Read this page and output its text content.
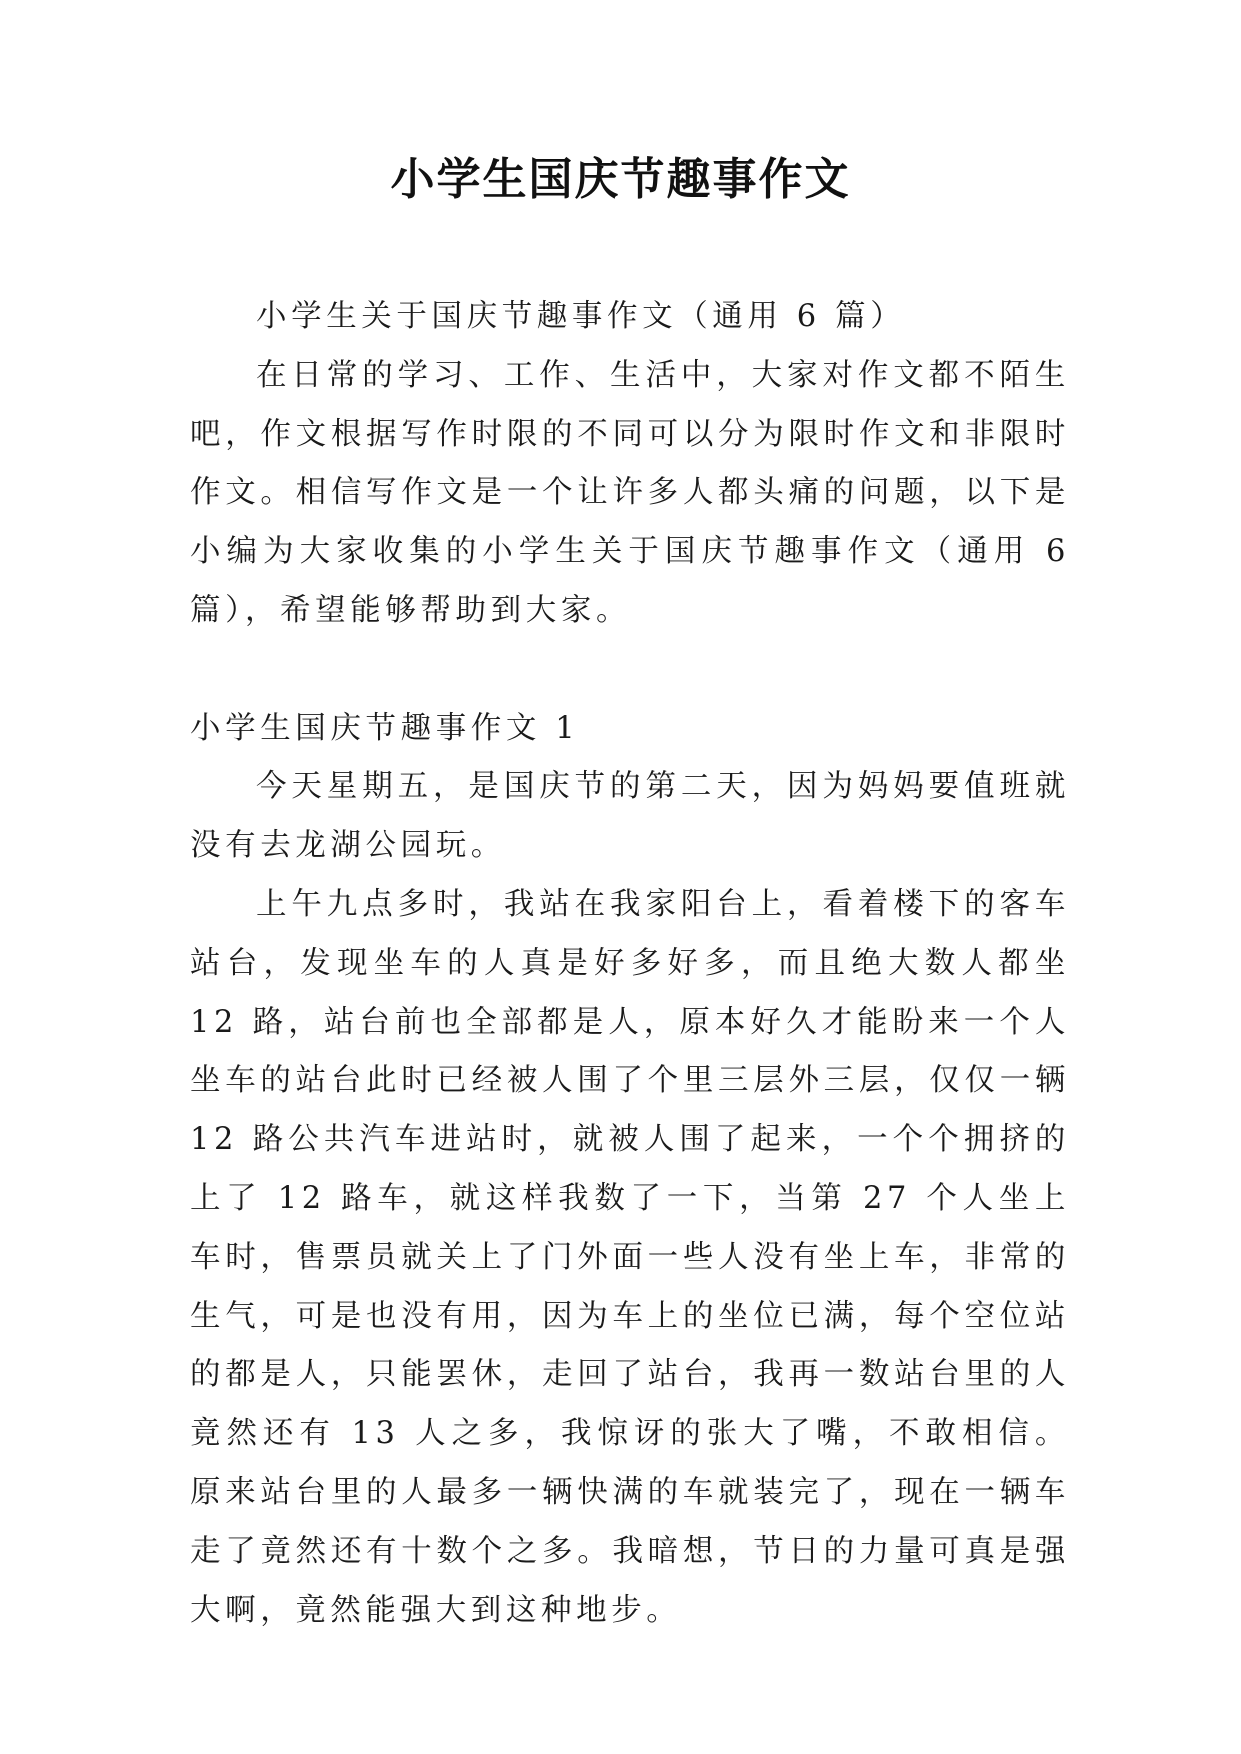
小学生国庆节趣事作文

小学生关于国庆节趣事作文（通用 6 篇）

在日常的学习、工作、生活中，大家对作文都不陌生吧，作文根据写作时限的不同可以分为限时作文和非限时作文。相信写作文是一个让许多人都头痛的问题，以下是小编为大家收集的小学生关于国庆节趣事作文（通用 6 篇），希望能够帮助到大家。

小学生国庆节趣事作文 1

今天星期五，是国庆节的第二天，因为妈妈要值班就没有去龙湖公园玩。

上午九点多时，我站在我家阳台上，看着楼下的客车站台，发现坐车的人真是好多好多，而且绝大数人都坐 12 路，站台前也全部都是人，原本好久才能盼来一个人坐车的站台此时已经被人围了个里三层外三层，仅仅一辆 12 路公共汽车进站时，就被人围了起来，一个个拥挤的上了 12 路车，就这样我数了一下，当第 27 个人坐上车时，售票员就关上了门外面一些人没有坐上车，非常的生气，可是也没有用，因为车上的坐位已满，每个空位站的都是人，只能罢休，走回了站台，我再一数站台里的人竟然还有 13 人之多，我惊讶的张大了嘴，不敢相信。原来站台里的人最多一辆快满的车就装完了，现在一辆车走了竟然还有十数个之多。我暗想，节日的力量可真是强大啊，竟然能强大到这种地步。
